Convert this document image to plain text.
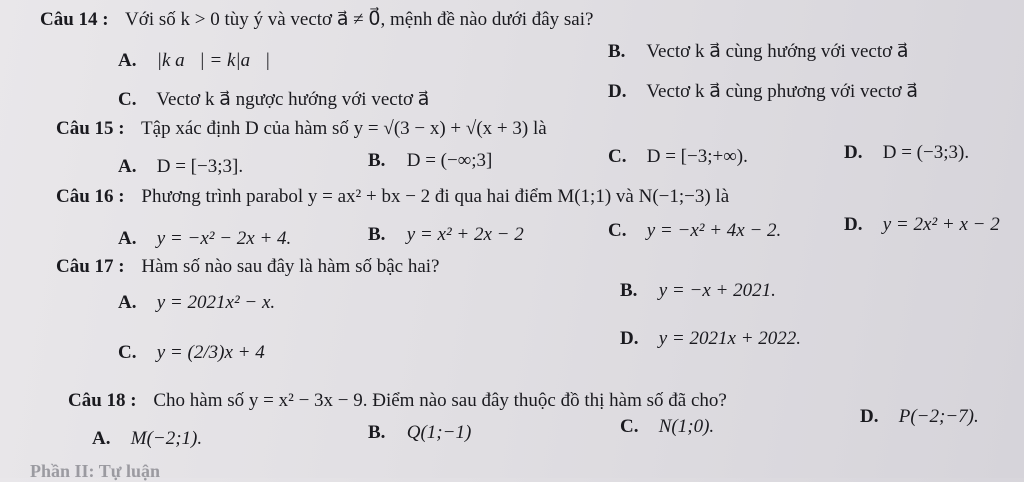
Câu 14 : Với số k > 0 tùy ý và vectơ a⃗ ≠ 0⃗, mệnh đề nào dưới đây sai?
A. |k a⃗| = k|a⃗|	B. Vectơ k a⃗ cùng hướng với vectơ a⃗
C. Vectơ k a⃗ ngược hướng với vectơ a⃗	D. Vectơ k a⃗ cùng phương với vectơ a⃗
Câu 15 : Tập xác định D của hàm số y = √(3 − x) + √(x + 3) là
A. D = [−3;3].	B. D = (−∞;3]	C. D = [−3;+∞).	D. D = (−3;3).
Câu 16 : Phương trình parabol y = ax² + bx − 2 đi qua hai điểm M(1;1) và N(−1;−3) là
A. y = −x² − 2x + 4.	B. y = x² + 2x − 2	C. y = −x² + 4x − 2.	D. y = 2x² + x − 2
Câu 17 : Hàm số nào sau đây là hàm số bậc hai?
A. y = 2021x² − x.
B. y = −x + 2021.
C. y = (2/3)x + 4
D. y = 2021x + 2022.
Câu 18 : Cho hàm số y = x² − 3x − 9. Điểm nào sau đây thuộc đồ thị hàm số đã cho?
A. M(−2;1).	B. Q(1;−1)	C. N(1;0).	D. P(−2;−7).
Phần II: Tự luận
